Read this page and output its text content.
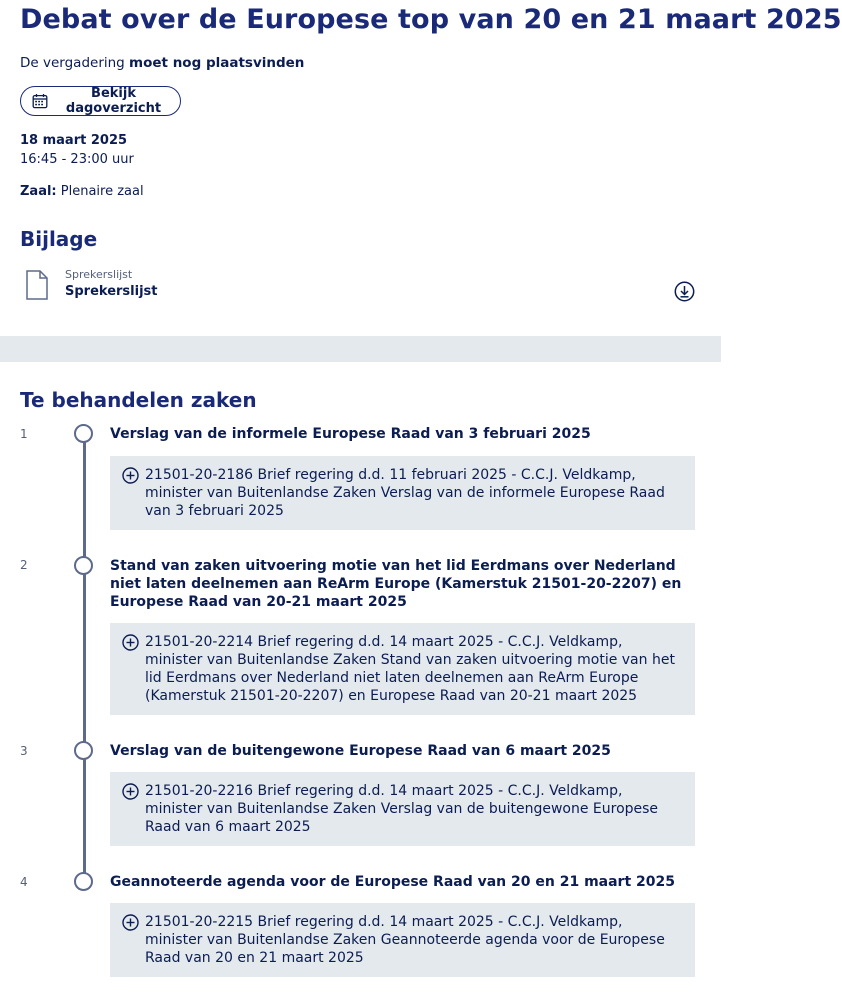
Debat over de Europese top van 20 en 21 maart 2025
De vergadering moet nog plaatsvinden
Bekijk dagoverzicht
18 maart 2025
16:45 - 23:00 uur
Zaal: Plenaire zaal
Bijlage
Sprekerslijst
Sprekerslijst
Te behandelen zaken
1	Verslag van de informele Europese Raad van 3 februari 2025
21501-20-2186 Brief regering d.d. 11 februari 2025 - C.C.J. Veldkamp, minister van Buitenlandse Zaken Verslag van de informele Europese Raad van 3 februari 2025
2	Stand van zaken uitvoering motie van het lid Eerdmans over Nederland niet laten deelnemen aan ReArm Europe (Kamerstuk 21501-20-2207) en Europese Raad van 20-21 maart 2025
21501-20-2214 Brief regering d.d. 14 maart 2025 - C.C.J. Veldkamp, minister van Buitenlandse Zaken Stand van zaken uitvoering motie van het lid Eerdmans over Nederland niet laten deelnemen aan ReArm Europe (Kamerstuk 21501-20-2207) en Europese Raad van 20-21 maart 2025
3	Verslag van de buitengewone Europese Raad van 6 maart 2025
21501-20-2216 Brief regering d.d. 14 maart 2025 - C.C.J. Veldkamp, minister van Buitenlandse Zaken Verslag van de buitengewone Europese Raad van 6 maart 2025
4	Geannoteerde agenda voor de Europese Raad van 20 en 21 maart 2025
21501-20-2215 Brief regering d.d. 14 maart 2025 - C.C.J. Veldkamp, minister van Buitenlandse Zaken Geannoteerde agenda voor de Europese Raad van 20 en 21 maart 2025
